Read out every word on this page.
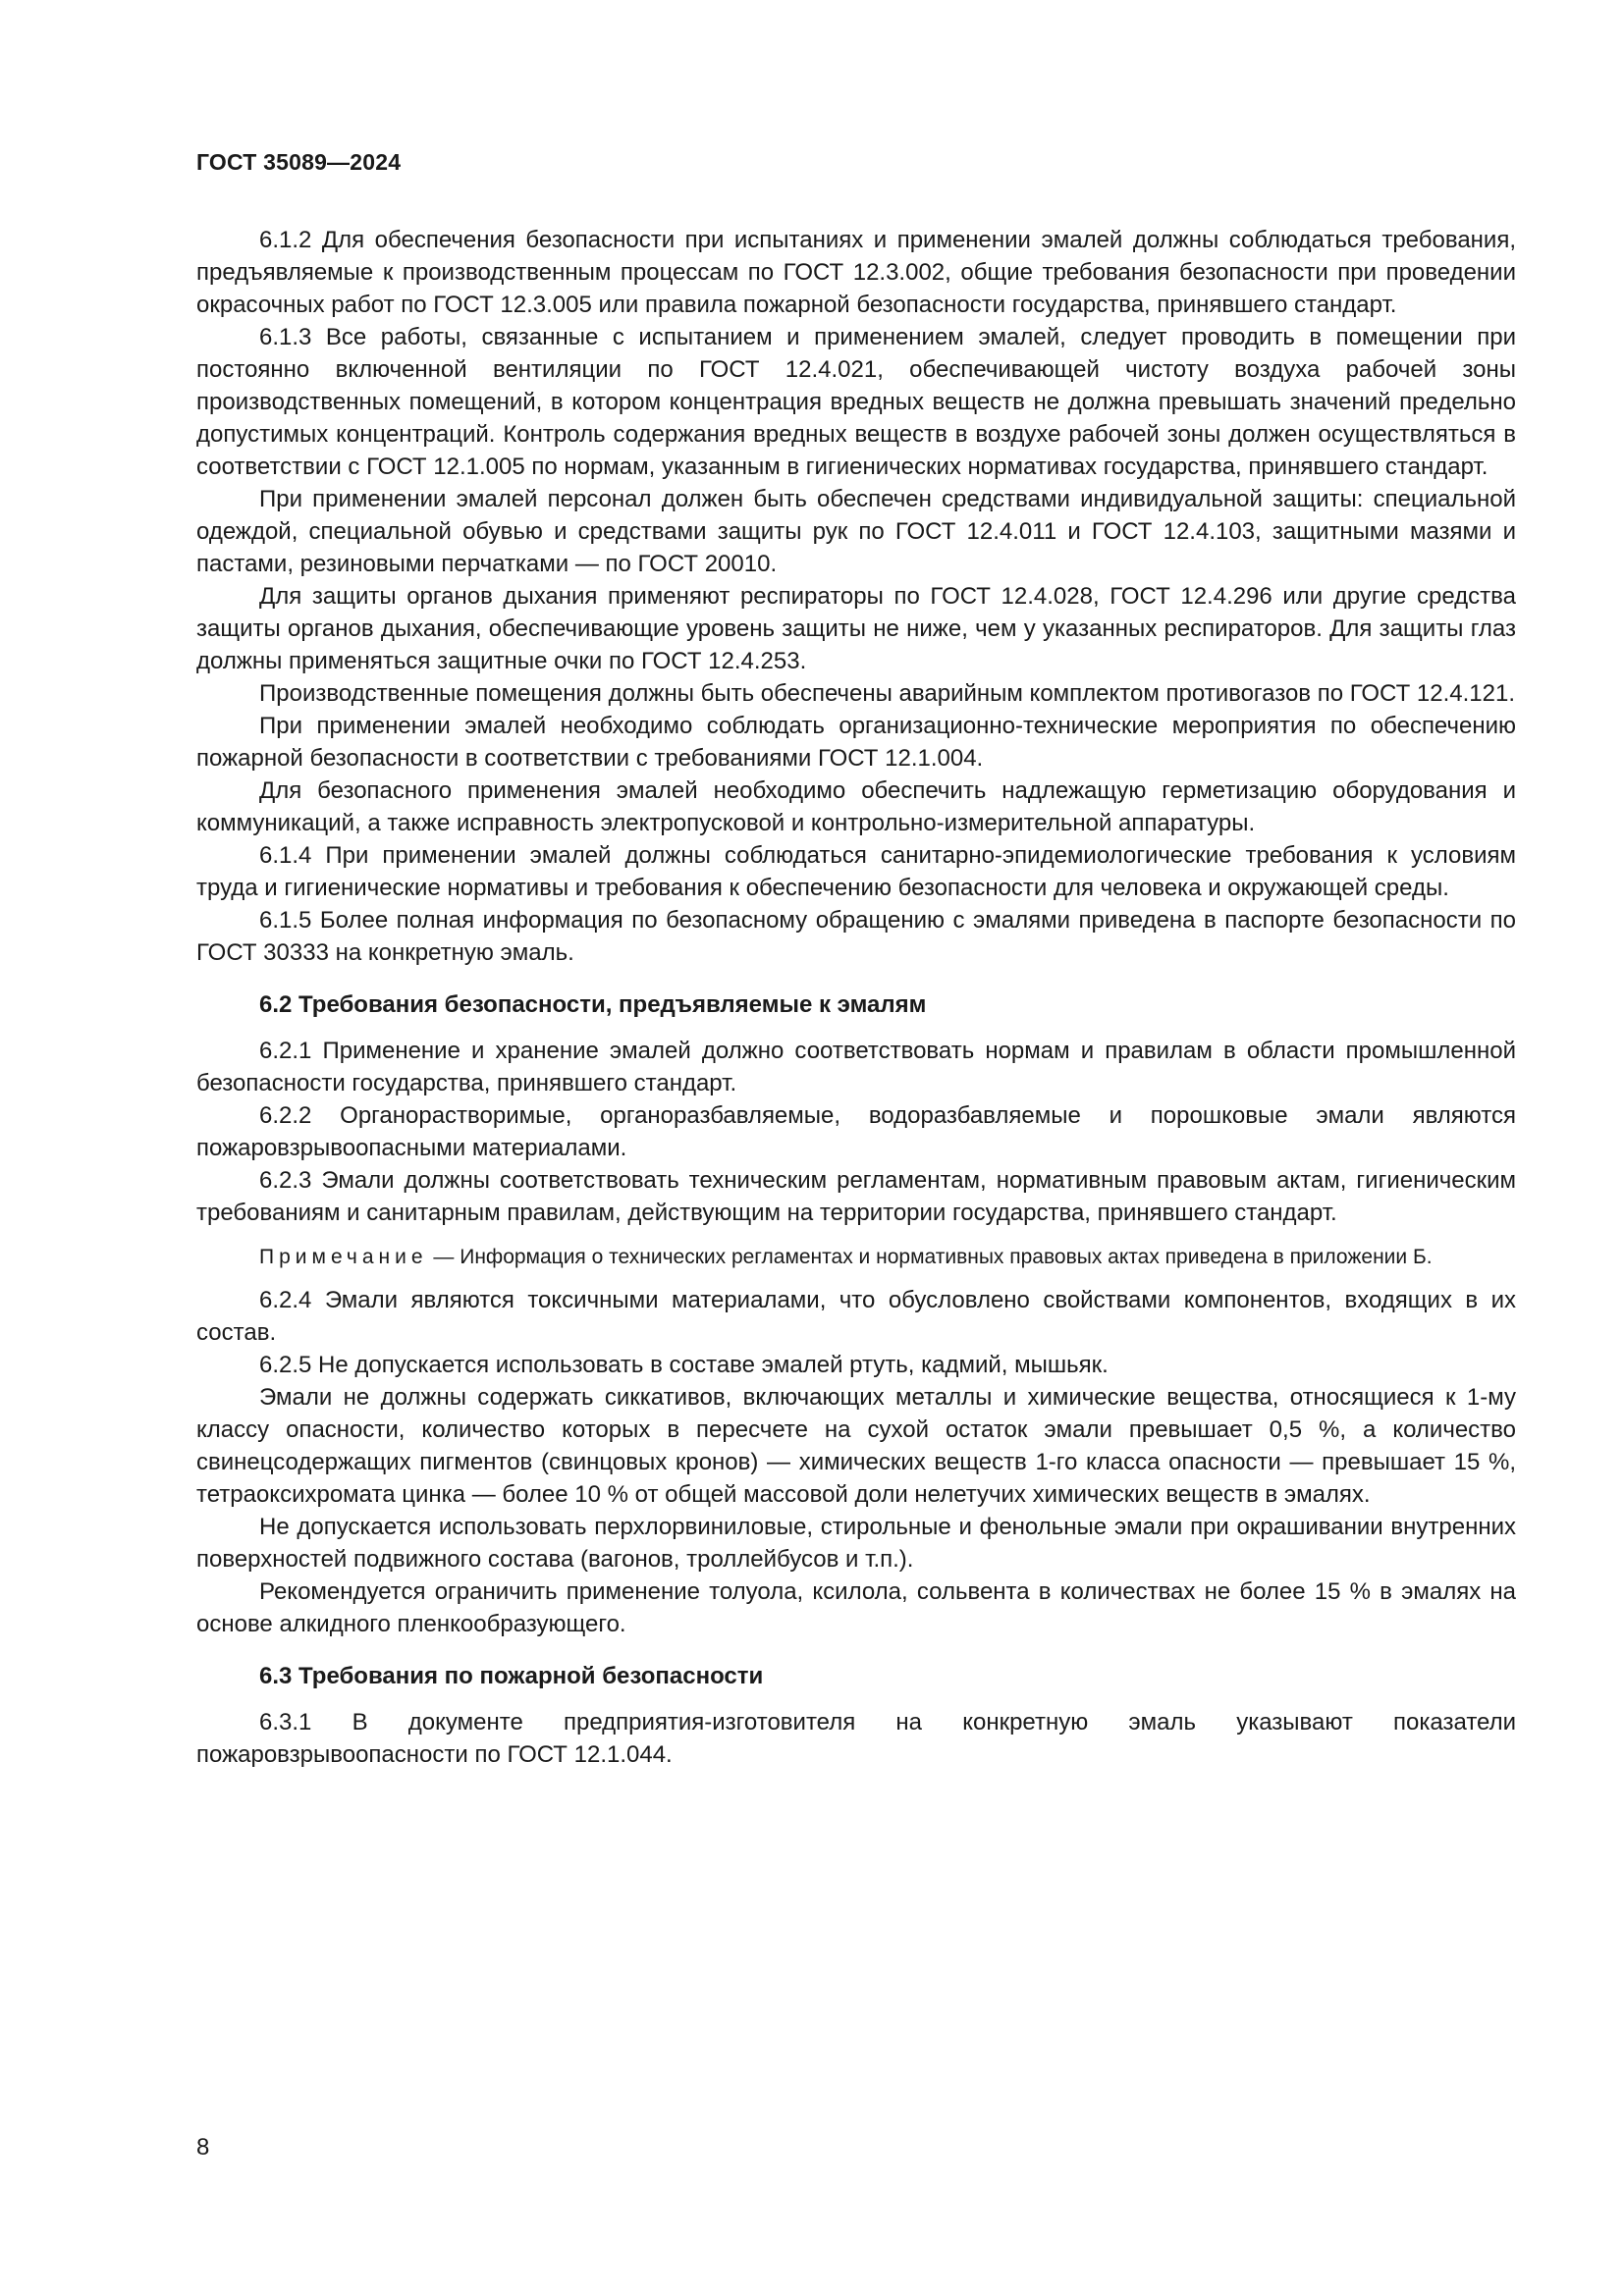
ГОСТ 35089—2024

6.1.2 Для обеспечения безопасности при испытаниях и применении эмалей должны соблюдаться требования, предъявляемые к производственным процессам по ГОСТ 12.3.002, общие требования безопасности при проведении окрасочных работ по ГОСТ 12.3.005 или правила пожарной безопасности государства, принявшего стандарт.

6.1.3 Все работы, связанные с испытанием и применением эмалей, следует проводить в помещении при постоянно включенной вентиляции по ГОСТ 12.4.021, обеспечивающей чистоту воздуха рабочей зоны производственных помещений, в котором концентрация вредных веществ не должна превышать значений предельно допустимых концентраций. Контроль содержания вредных веществ в воздухе рабочей зоны должен осуществляться в соответствии с ГОСТ 12.1.005 по нормам, указанным в гигиенических нормативах государства, принявшего стандарт.

При применении эмалей персонал должен быть обеспечен средствами индивидуальной защиты: специальной одеждой, специальной обувью и средствами защиты рук по ГОСТ 12.4.011 и ГОСТ 12.4.103, защитными мазями и пастами, резиновыми перчатками — по ГОСТ 20010.

Для защиты органов дыхания применяют респираторы по ГОСТ 12.4.028, ГОСТ 12.4.296 или другие средства защиты органов дыхания, обеспечивающие уровень защиты не ниже, чем у указанных респираторов. Для защиты глаз должны применяться защитные очки по ГОСТ 12.4.253.

Производственные помещения должны быть обеспечены аварийным комплектом противогазов по ГОСТ 12.4.121.

При применении эмалей необходимо соблюдать организационно-технические мероприятия по обеспечению пожарной безопасности в соответствии с требованиями ГОСТ 12.1.004.

Для безопасного применения эмалей необходимо обеспечить надлежащую герметизацию оборудования и коммуникаций, а также исправность электропусковой и контрольно-измерительной аппаратуры.

6.1.4 При применении эмалей должны соблюдаться санитарно-эпидемиологические требования к условиям труда и гигиенические нормативы и требования к обеспечению безопасности для человека и окружающей среды.

6.1.5 Более полная информация по безопасному обращению с эмалями приведена в паспорте безопасности по ГОСТ 30333 на конкретную эмаль.

6.2 Требования безопасности, предъявляемые к эмалям

6.2.1 Применение и хранение эмалей должно соответствовать нормам и правилам в области промышленной безопасности государства, принявшего стандарт.

6.2.2 Органорастворимые, органоразбавляемые, водоразбавляемые и порошковые эмали являются пожаровзрывоопасными материалами.

6.2.3 Эмали должны соответствовать техническим регламентам, нормативным правовым актам, гигиеническим требованиям и санитарным правилам, действующим на территории государства, принявшего стандарт.

Примечание — Информация о технических регламентах и нормативных правовых актах приведена в приложении Б.

6.2.4 Эмали являются токсичными материалами, что обусловлено свойствами компонентов, входящих в их состав.

6.2.5 Не допускается использовать в составе эмалей ртуть, кадмий, мышьяк.

Эмали не должны содержать сиккативов, включающих металлы и химические вещества, относящиеся к 1-му классу опасности, количество которых в пересчете на сухой остаток эмали превышает 0,5 %, а количество свинецсодержащих пигментов (свинцовых кронов) — химических веществ 1-го класса опасности — превышает 15 %, тетраоксихромата цинка — более 10 % от общей массовой доли нелетучих химических веществ в эмалях.

Не допускается использовать перхлорвиниловые, стирольные и фенольные эмали при окрашивании внутренних поверхностей подвижного состава (вагонов, троллейбусов и т.п.).

Рекомендуется ограничить применение толуола, ксилола, сольвента в количествах не более 15 % в эмалях на основе алкидного пленкообразующего.

6.3 Требования по пожарной безопасности

6.3.1 В документе предприятия-изготовителя на конкретную эмаль указывают показатели пожаровзрывоопасности по ГОСТ 12.1.044.

8
